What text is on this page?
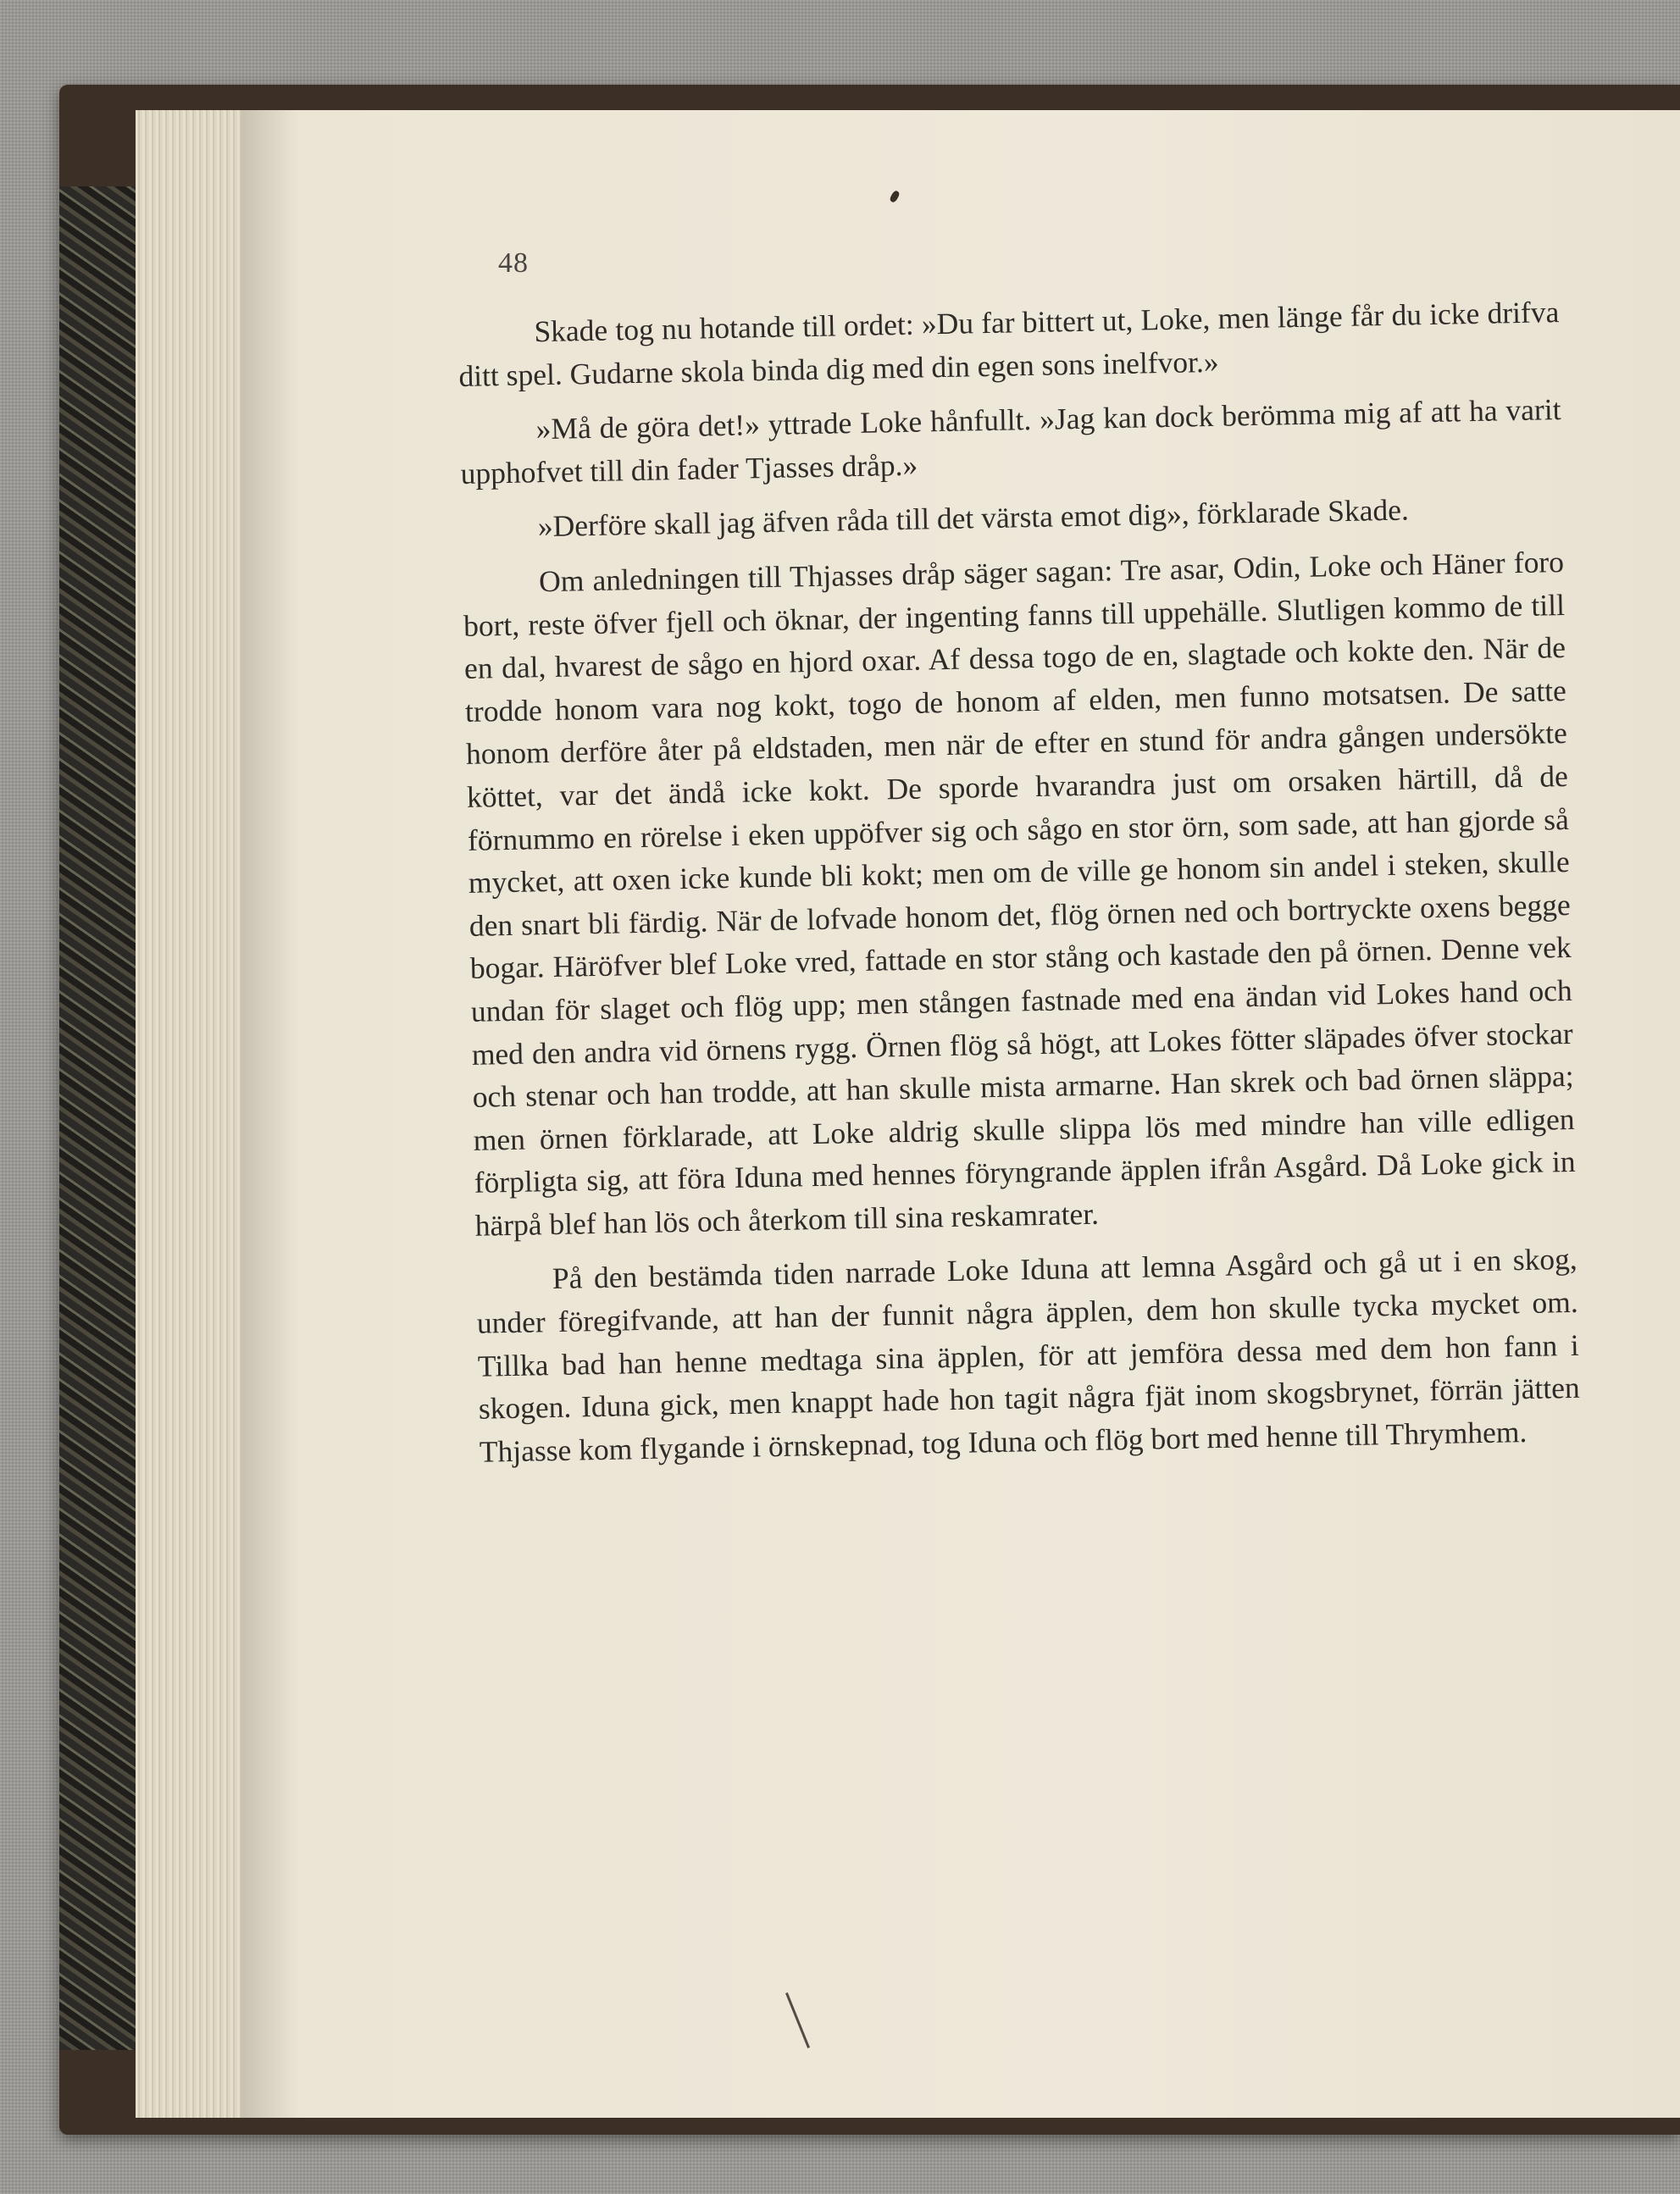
48

Skade tog nu hotande till ordet: »Du far bittert ut, Loke, men länge får du icke drifva ditt spel. Gudarne skola binda dig med din egen sons inelfvor.»

»Må de göra det!» yttrade Loke hånfullt. »Jag kan dock berömma mig af att ha varit upphofvet till din fader Tjasses dråp.»

»Derföre skall jag äfven råda till det värsta emot dig», förklarade Skade.

Om anledningen till Thjasses dråp säger sagan: Tre asar, Odin, Loke och Häner foro bort, reste öfver fjell och öknar, der ingenting fanns till uppehälle. Slutligen kommo de till en dal, hvarest de sågo en hjord oxar. Af dessa togo de en, slagtade och kokte den. När de trodde honom vara nog kokt, togo de honom af elden, men funno motsatsen. De satte honom derföre åter på eldstaden, men när de efter en stund för andra gången undersökte köttet, var det ändå icke kokt. De sporde hvarandra just om orsaken härtill, då de förnummo en rörelse i eken uppöfver sig och sågo en stor örn, som sade, att han gjorde så mycket, att oxen icke kunde bli kokt; men om de ville ge honom sin andel i steken, skulle den snart bli färdig. När de lofvade honom det, flög örnen ned och bortryckte oxens begge bogar. Häröfver blef Loke vred, fattade en stor stång och kastade den på örnen. Denne vek undan för slaget och flög upp; men stången fastnade med ena ändan vid Lokes hand och med den andra vid örnens rygg. Örnen flög så högt, att Lokes fötter släpades öfver stockar och stenar och han trodde, att han skulle mista armarne. Han skrek och bad örnen släppa; men örnen förklarade, att Loke aldrig skulle slippa lös med mindre han ville edligen förpligta sig, att föra Iduna med hennes föryngrande äpplen ifrån Asgård. Då Loke gick in härpå blef han lös och återkom till sina reskamrater.

På den bestämda tiden narrade Loke Iduna att lemna Asgård och gå ut i en skog, under föregifvande, att han der funnit några äpplen, dem hon skulle tycka mycket om. Tillka bad han henne medtaga sina äpplen, för att jemföra dessa med dem hon fann i skogen. Iduna gick, men knappt hade hon tagit några fjät inom skogsbrynet, förrän jätten Thjasse kom flygande i örnskepnad, tog Iduna och flög bort med henne till Thrymhem.
